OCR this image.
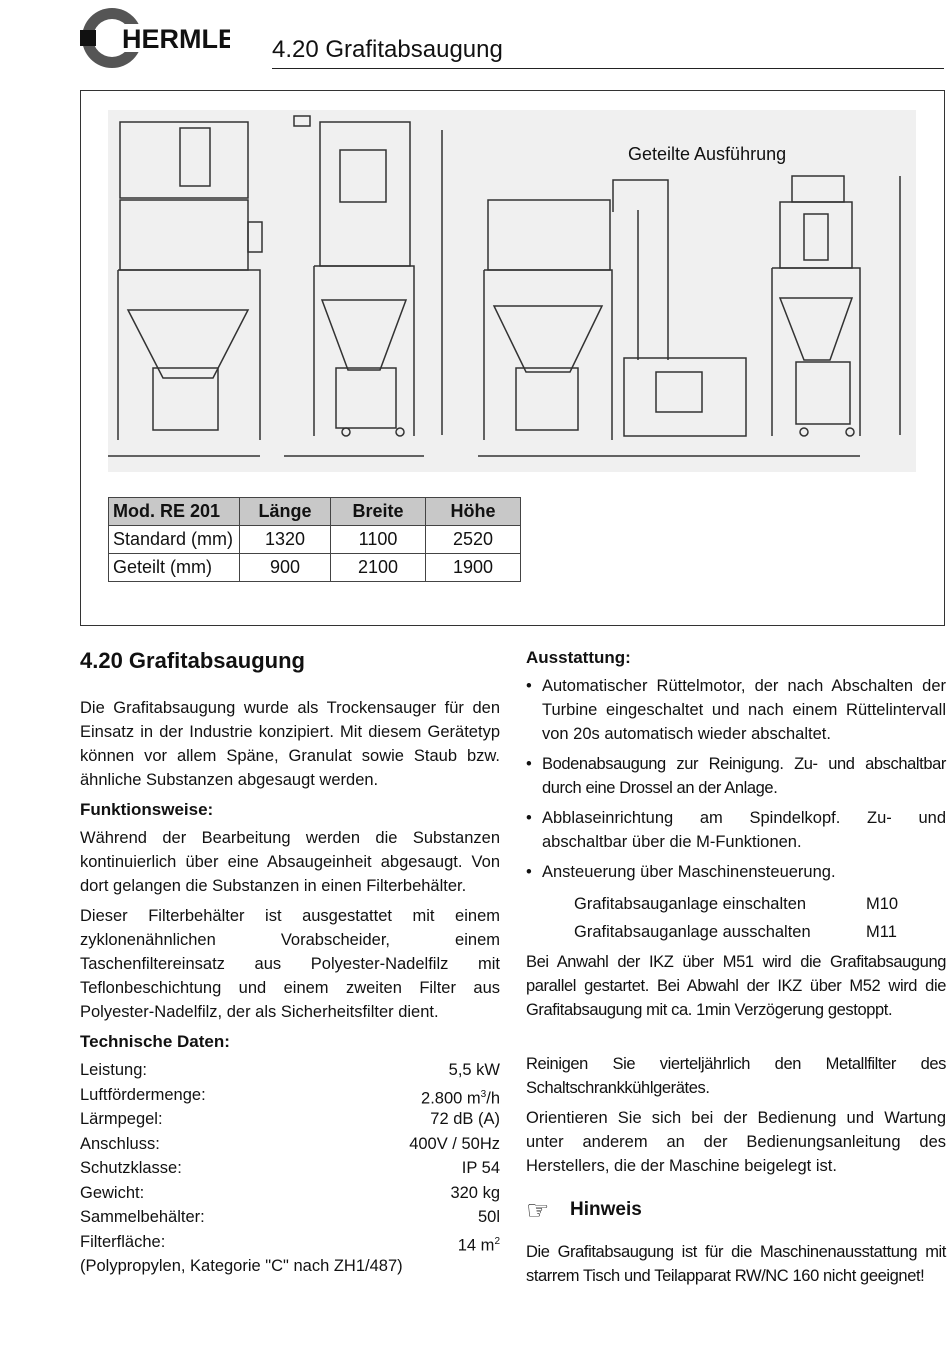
HERMLE 4.20 Grafitabsaugung
Geteilte Ausführung
Mod. RE 201	Länge	Breite	Höhe
Standard (mm)	1320	1100	2520
Geteilt (mm)	900	2100	1900
4.20 Grafitabsaugung

Die Grafitabsaugung wurde als Trockensauger für den Einsatz in der Industrie konzipiert. Mit diesem Gerätetyp können vor allem Späne, Granulat sowie Staub bzw. ähnliche Substanzen abgesaugt werden.

Funktionsweise:

Während der Bearbeitung werden die Substanzen kontinuierlich über eine Absaugeinheit abgesaugt. Von dort gelangen die Substanzen in einen Filterbehälter.

Dieser Filterbehälter ist ausgestattet mit einem zyklonenähnlichen Vorabscheider, einem Taschenfiltereinsatz aus Polyester-Nadelfilz mit Teflonbeschichtung und einem zweiten Filter aus Polyester-Nadelfilz, der als Sicherheitsfilter dient.

Technische Daten:
Leistung:	5,5 kW
Luftfördermenge:	2.800 $m^3/h$
Lärmpegel:	72 dB (A)
Anschluss:	400V / 50Hz
Schutzklasse:	IP 54
Gewicht:	320 kg
Sammelbehälter:	50l
Filterfläche:	14 $m^2$
(Polypropylen, Kategorie "C" nach ZH1/487)
Ausstattung:
• Automatischer Rüttelmotor, der nach Abschalten der Turbine eingeschaltet und nach einem Rüttelintervall von 20s automatisch wieder abschaltet.
• Bodenabsaugung zur Reinigung. Zu- und abschaltbar durch eine Drossel an der Anlage.
• Abblaseinrichtung am Spindelkopf. Zu- und abschaltbar über die M-Funktionen.
• Ansteuerung über Maschinensteuerung.
Grafitabsauganlage einschalten	M10
Grafitabsauganlage ausschalten	M11

Bei Anwahl der IKZ über M51 wird die Grafitabsaugung parallel gestartet. Bei Abwahl der IKZ über M52 wird die Grafitabsaugung mit ca. 1min Verzögerung gestoppt.

Reinigen Sie vierteljährlich den Metallfilter des Schaltschrankkühlgerätes.

Orientieren Sie sich bei der Bedienung und Wartung unter anderem an der Bedienungsanleitung des Herstellers, die der Maschine beigelegt ist.

☞	Hinweis

Die Grafitabsaugung ist für die Maschinenausstattung mit starrem Tisch und Teilapparat RW/NC 160 nicht geeignet!
